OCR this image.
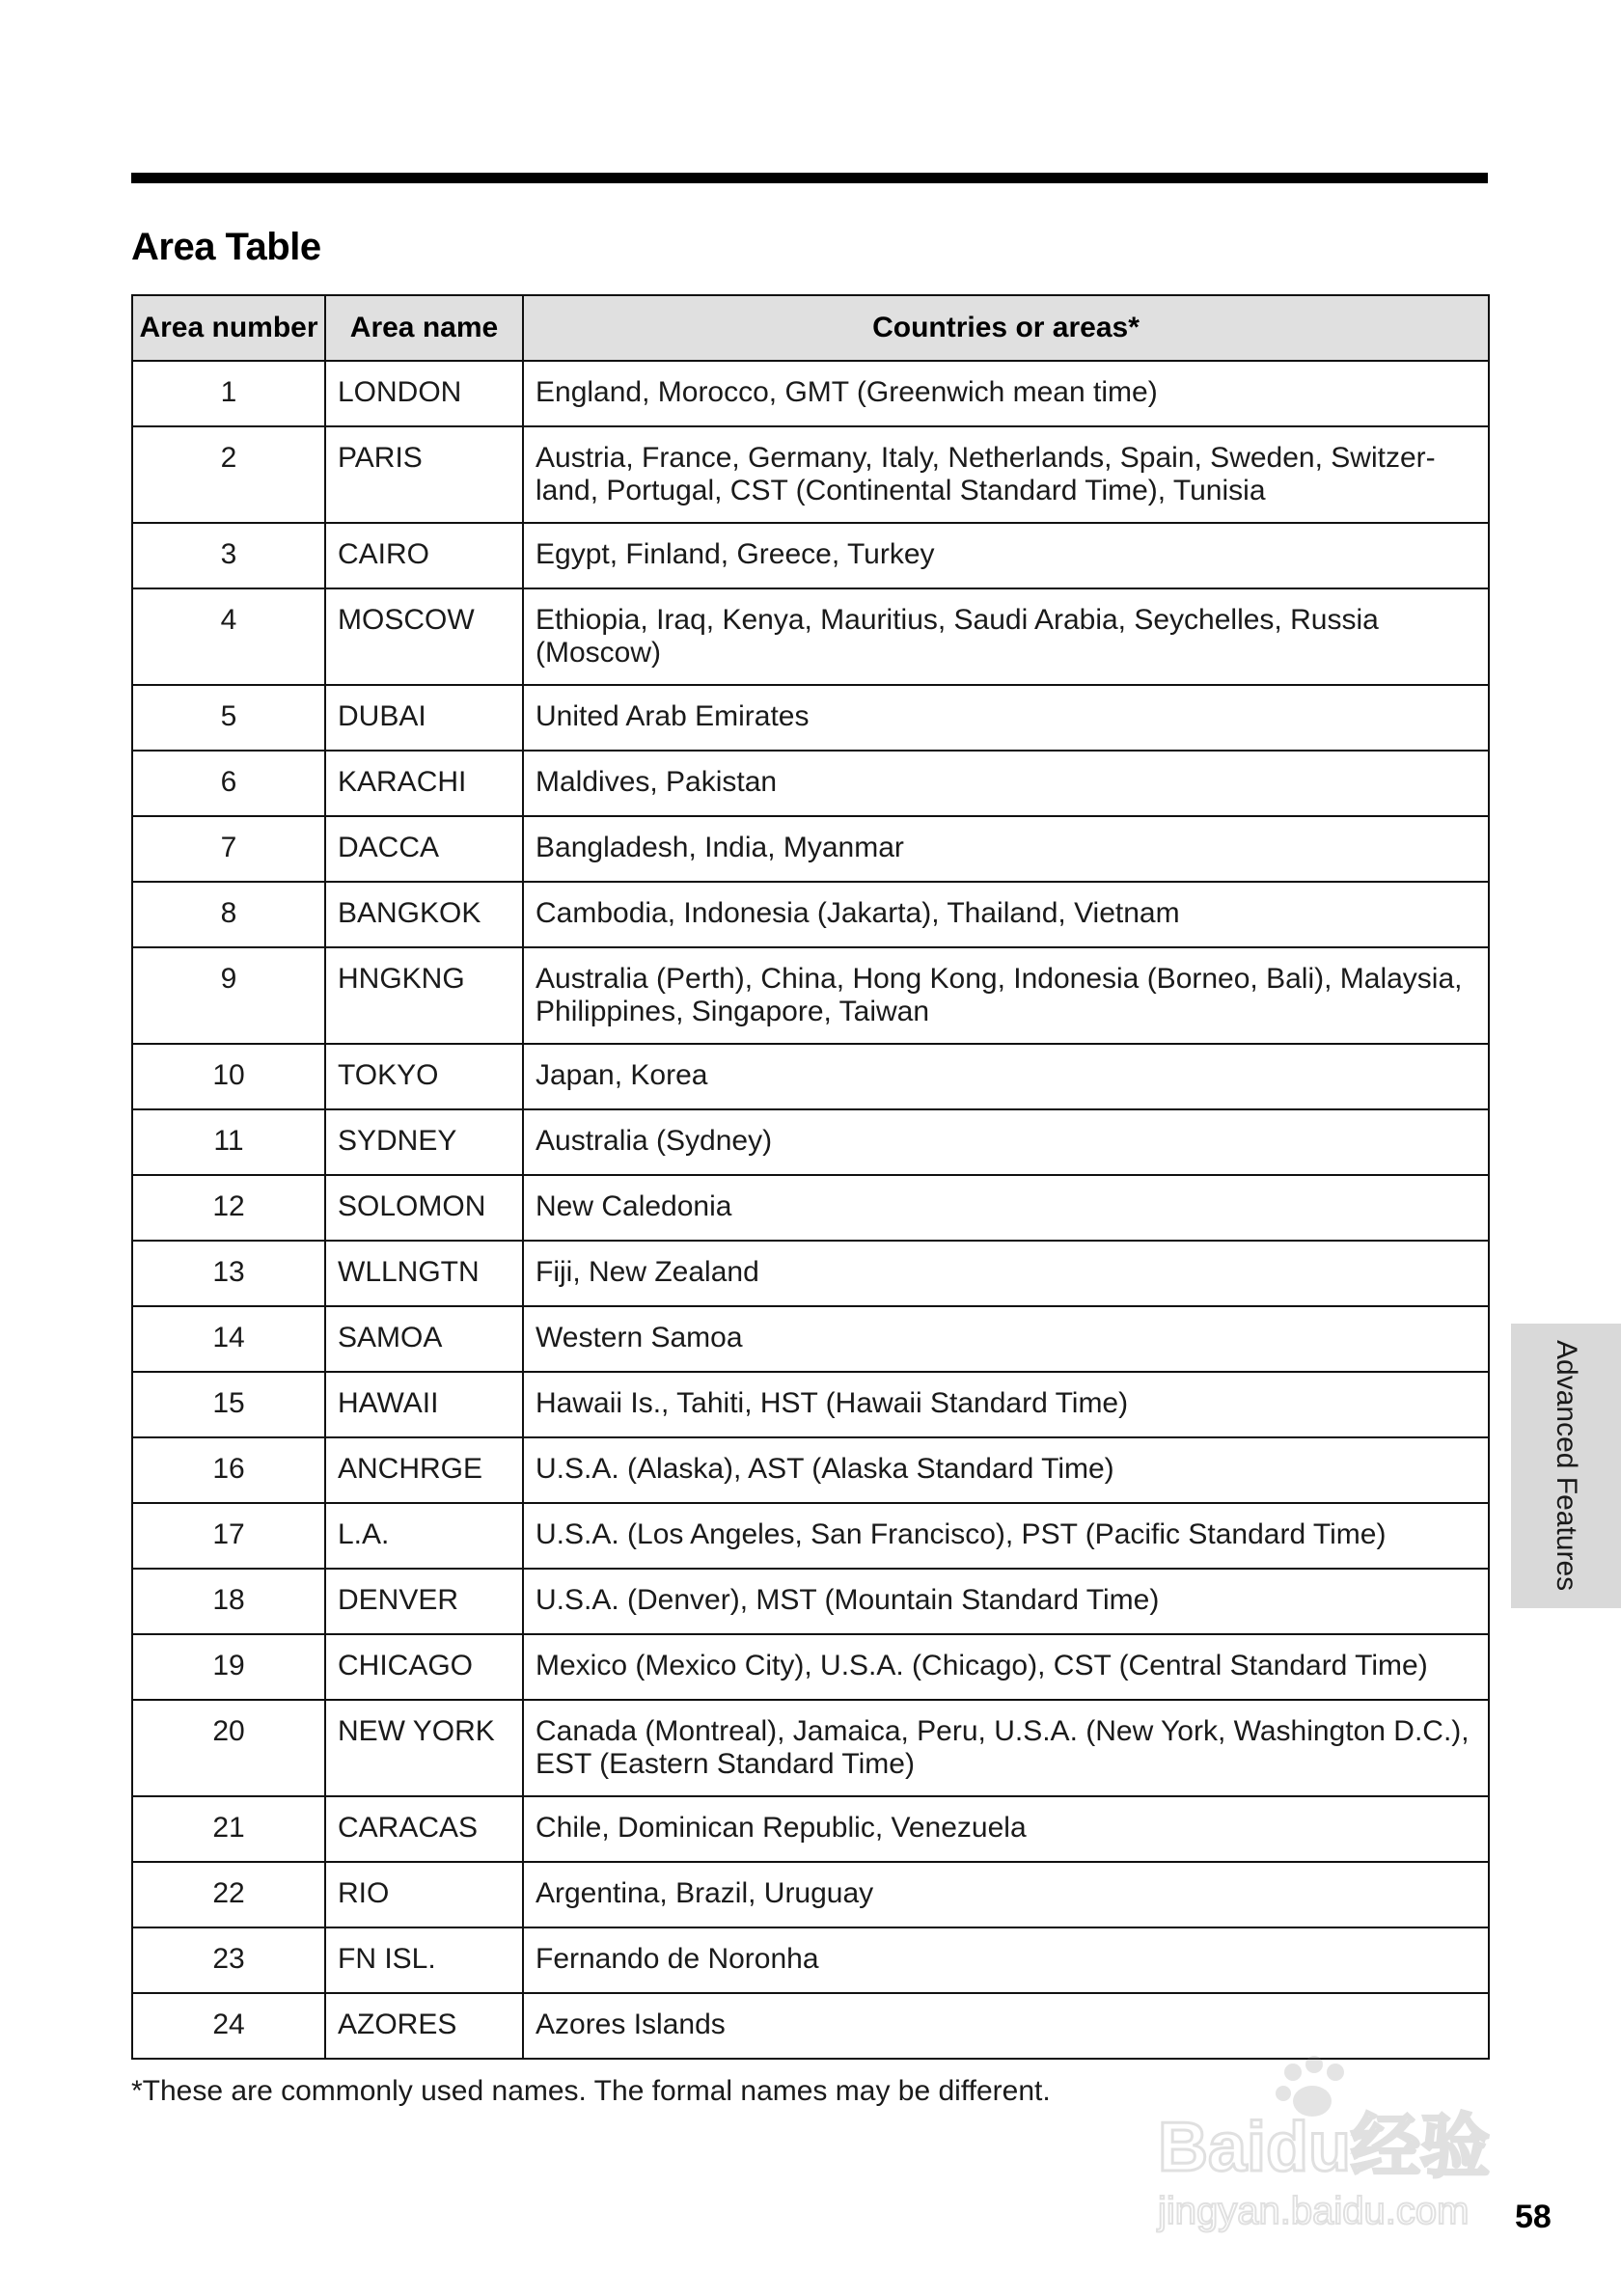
Area Table
Area number	Area name	Countries or areas*
1	LONDON	England, Morocco, GMT (Greenwich mean time)
2	PARIS	Austria, France, Germany, Italy, Netherlands, Spain, Sweden, Switzer-land, Portugal, CST (Continental Standard Time), Tunisia
3	CAIRO	Egypt, Finland, Greece, Turkey
4	MOSCOW	Ethiopia, Iraq, Kenya, Mauritius, Saudi Arabia, Seychelles, Russia (Moscow)
5	DUBAI	United Arab Emirates
6	KARACHI	Maldives, Pakistan
7	DACCA	Bangladesh, India, Myanmar
8	BANGKOK	Cambodia, Indonesia (Jakarta), Thailand, Vietnam
9	HNGKNG	Australia (Perth), China, Hong Kong, Indonesia (Borneo, Bali), Malaysia, Philippines, Singapore, Taiwan
10	TOKYO	Japan, Korea
11	SYDNEY	Australia (Sydney)
12	SOLOMON	New Caledonia
13	WLLNGTN	Fiji, New Zealand
14	SAMOA	Western Samoa
15	HAWAII	Hawaii Is., Tahiti, HST (Hawaii Standard Time)
16	ANCHRGE	U.S.A. (Alaska), AST (Alaska Standard Time)
17	L.A.	U.S.A. (Los Angeles, San Francisco), PST (Pacific Standard Time)
18	DENVER	U.S.A. (Denver), MST (Mountain Standard Time)
19	CHICAGO	Mexico (Mexico City), U.S.A. (Chicago), CST (Central Standard Time)
20	NEW YORK	Canada (Montreal), Jamaica, Peru, U.S.A. (New York, Washington D.C.), EST (Eastern Standard Time)
21	CARACAS	Chile, Dominican Republic, Venezuela
22	RIO	Argentina, Brazil, Uruguay
23	FN ISL.	Fernando de Noronha
24	AZORES	Azores Islands
*These are commonly used names. The formal names may be different.
Advanced Features
Baidu经验
jingyan.baidu.com 58
